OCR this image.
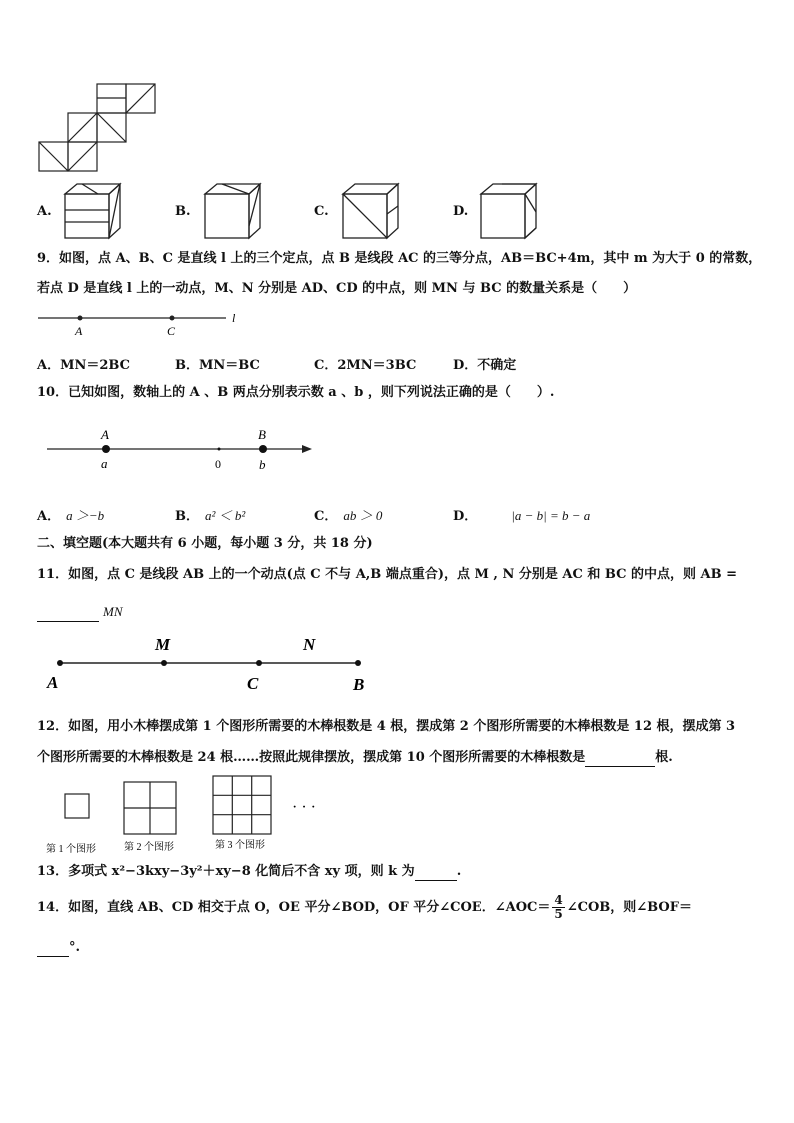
A.	B.	C.	D.
9．如图，点 A、B、C 是直线 l 上的三个定点，点 B 是线段 AC 的三等分点，AB＝BC+4m，其中 m 为大于 0 的常数，
若点 D 是直线 l 上的一动点，M、N 分别是 AD、CD 的中点，则 MN 与 BC 的数量关系是（　　）
A	C
l
A．MN＝2BC	B．MN＝BC	C．2MN＝3BC	D．不确定
10．已知如图，数轴上的 A 、B 两点分别表示数 a 、b ，则下列说法正确的是（　　）.
A	B
a	0	b
A． a ＞−b	B． a² ＜ b²	C． ab ＞ 0	D．	|a − b| = b − a
二、填空题(本大题共有 6 小题，每小题 3 分，共 18 分)
11．如图，点 C 是线段 AB 上的一个动点(点 C 不与 A,B 端点重合)，点 M , N 分别是 AC 和 BC 的中点，则 AB =
MN
M	N
A	C	B
12．如图，用小木棒摆成第 1 个图形所需要的木棒根数是 4 根，摆成第 2 个图形所需要的木棒根数是 12 根，摆成第 3
个图形所需要的木棒根数是 24 根……按照此规律摆放，摆成第 10 个图形所需要的木棒根数是	根.
· · ·
第 1 个图形	第 2 个图形	第 3 个图形
13．多项式 x²−3kxy−3y²＋xy−8 化简后不含 xy 项，则 k 为	.
14．如图，直线 AB、CD 相交于点 O，OE 平分∠BOD，OF 平分∠COE．∠AOC＝ $\frac{4}{5}$ ∠COB，则∠BOF＝
°.
